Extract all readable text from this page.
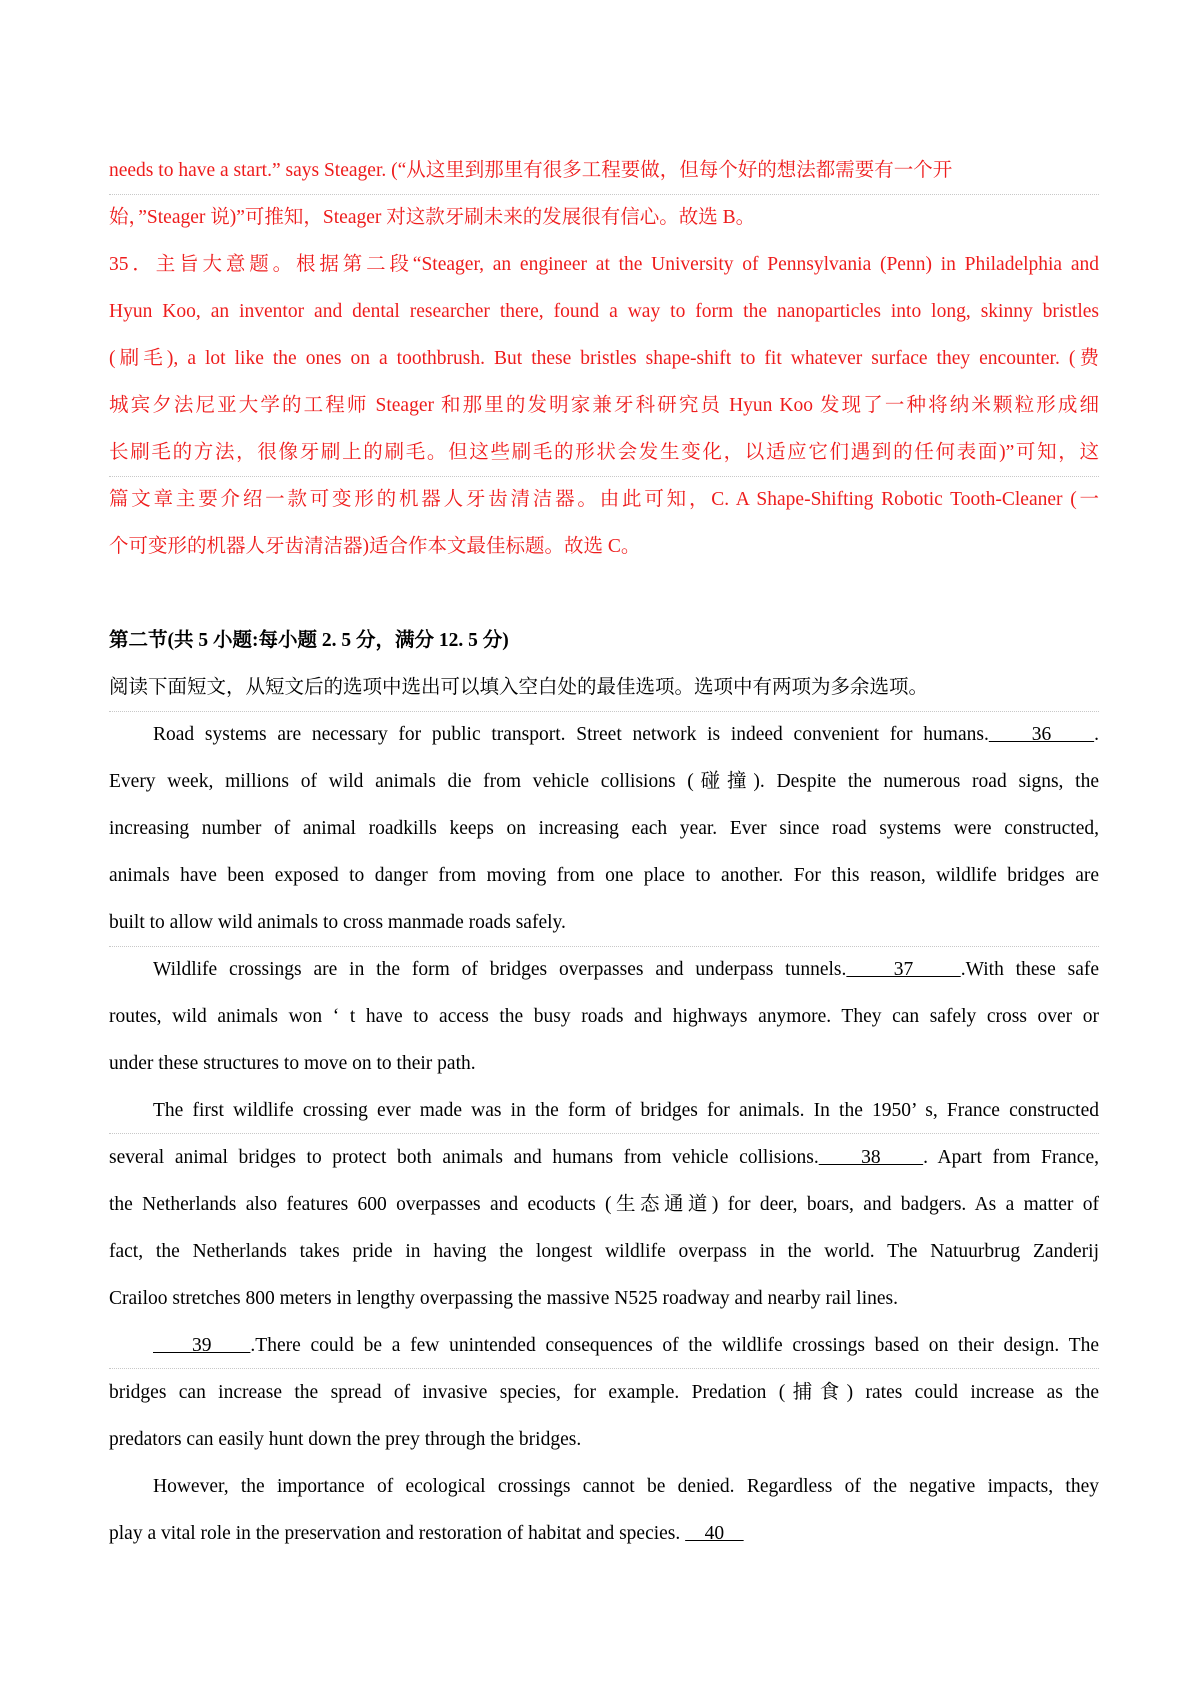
needs to have a start.” says Steager. (“从这里到那里有很多工程要做，但每个好的想法都需要有一个开
始，”Steager 说)”可推知，Steager 对这款牙刷未来的发展很有信心。故选 B。
35．主旨大意题。根据第二段“Steager, an engineer at the University of Pennsylvania (Penn) in Philadelphia and
Hyun Koo, an inventor and dental researcher there, found a way to form the nanoparticles into long, skinny bristles
(刷毛), a lot like the ones on a toothbrush. But these bristles shape-shift to fit whatever surface they encounter. (费
城宾夕法尼亚大学的工程师 Steager 和那里的发明家兼牙科研究员 Hyun Koo 发现了一种将纳米颗粒形成细
长刷毛的方法，很像牙刷上的刷毛。但这些刷毛的形状会发生变化，以适应它们遇到的任何表面)”可知，这
篇文章主要介绍一款可变形的机器人牙齿清洁器。由此可知，C. A Shape-Shifting Robotic Tooth-Cleaner (一
个可变形的机器人牙齿清洁器)适合作本文最佳标题。故选 C。
第二节(共 5 小题:每小题 2. 5 分，满分 12. 5 分)
阅读下面短文，从短文后的选项中选出可以填入空白处的最佳选项。选项中有两项为多余选项。
Road systems are necessary for public transport. Street network is indeed convenient for humans.    36    .
Every week, millions of wild animals die from vehicle collisions (碰撞). Despite the numerous road signs, the
increasing number of animal roadkills keeps on increasing each year. Ever since road systems were constructed,
animals have been exposed to danger from moving from one place to another. For this reason, wildlife bridges are
built to allow wild animals to cross manmade roads safely.
Wildlife crossings are in the form of bridges overpasses and underpass tunnels.    37    .With these safe
routes, wild animals won ‘ t have to access the busy roads and highways anymore. They can safely cross over or
under these structures to move on to their path.
The first wildlife crossing ever made was in the form of bridges for animals. In the 1950’ s, France constructed
several animal bridges to protect both animals and humans from vehicle collisions.    38    . Apart from France,
the Netherlands also features 600 overpasses and ecoducts (生态通道) for deer, boars, and badgers. As a matter of
fact, the Netherlands takes pride in having the longest wildlife overpass in the world. The Natuurbrug Zanderij
Crailoo stretches 800 meters in lengthy overpassing the massive N525 roadway and nearby rail lines.
39    .There could be a few unintended consequences of the wildlife crossings based on their design. The
bridges can increase the spread of invasive species, for example. Predation (捕食) rates could increase as the
predators can easily hunt down the prey through the bridges.
However, the importance of ecological crossings cannot be denied. Regardless of the negative impacts, they
play a vital role in the preservation and restoration of habitat and species.     40
